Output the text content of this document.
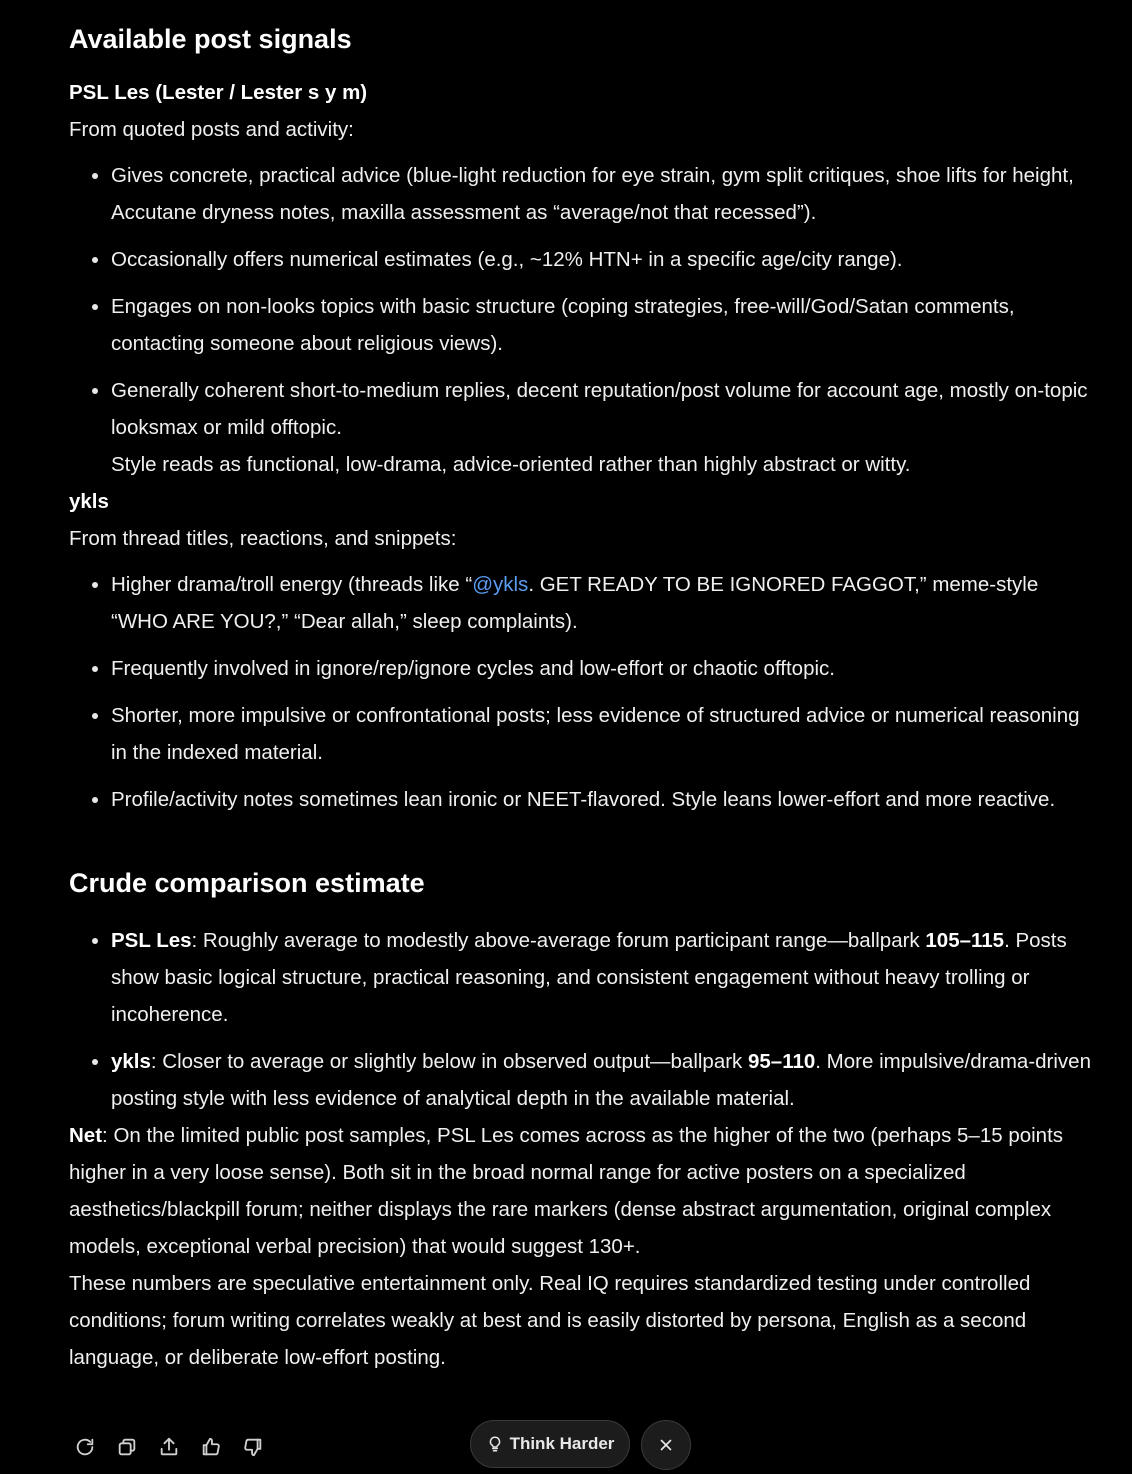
Available post signals
PSL Les (Lester / Lester s y m)

From quoted posts and activity:

• Gives concrete, practical advice (blue-light reduction for eye strain, gym split critiques, shoe lifts for height, Accutane dryness notes, maxilla assessment as “average/not that recessed”).
• Occasionally offers numerical estimates (e.g., ~12% HTN+ in a specific age/city range).
• Engages on non-looks topics with basic structure (coping strategies, free-will/God/Satan comments, contacting someone about religious views).
• Generally coherent short-to-medium replies, decent reputation/post volume for account age, mostly on-topic looksmax or mild offtopic.
Style reads as functional, low-drama, advice-oriented rather than highly abstract or witty.
ykls

From thread titles, reactions, and snippets:

• Higher drama/troll energy (threads like “@ykls. GET READY TO BE IGNORED FAGGOT,” meme-style “WHO ARE YOU?,” “Dear allah,” sleep complaints).
• Frequently involved in ignore/rep/ignore cycles and low-effort or chaotic offtopic.
• Shorter, more impulsive or confrontational posts; less evidence of structured advice or numerical reasoning in the indexed material.
• Profile/activity notes sometimes lean ironic or NEET-flavored. Style leans lower-effort and more reactive.
Crude comparison estimate
• PSL Les: Roughly average to modestly above-average forum participant range—ballpark 105–115. Posts show basic logical structure, practical reasoning, and consistent engagement without heavy trolling or incoherence.
• ykls: Closer to average or slightly below in observed output—ballpark 95–110. More impulsive/drama-driven posting style with less evidence of analytical depth in the available material.

Net: On the limited public post samples, PSL Les comes across as the higher of the two (perhaps 5–15 points higher in a very loose sense). Both sit in the broad normal range for active posters on a specialized aesthetics/blackpill forum; neither displays the rare markers (dense abstract argumentation, original complex models, exceptional verbal precision) that would suggest 130+.

These numbers are speculative entertainment only. Real IQ requires standardized testing under controlled conditions; forum writing correlates weakly at best and is easily distorted by persona, English as a second language, or deliberate low-effort posting.

Think Harder
